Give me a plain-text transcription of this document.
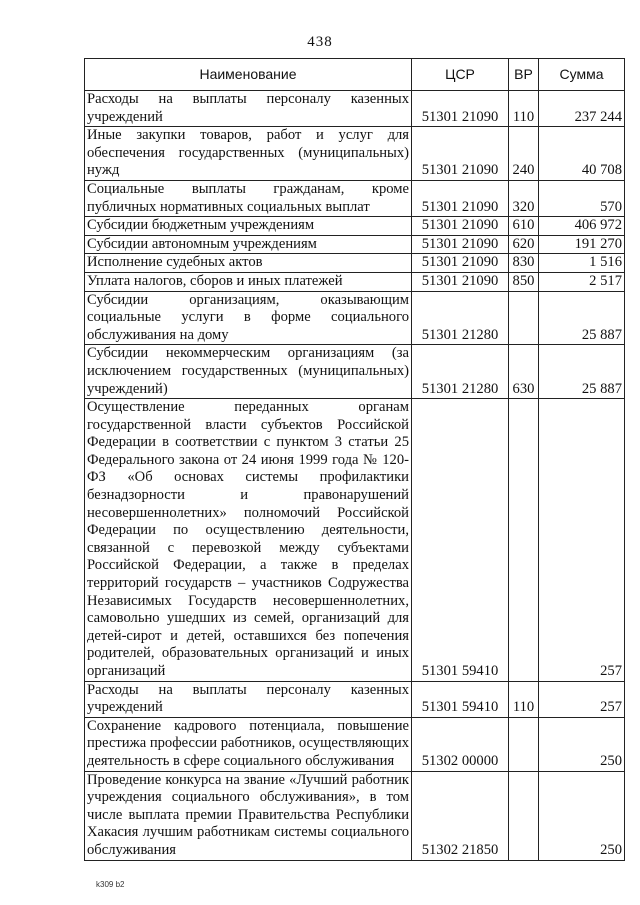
438
Наименование	ЦСР	ВР	Сумма
Расходы на выплаты персоналу казенных учреждений	51301 21090	110	237 244
Иные закупки товаров, работ и услуг для обеспечения государственных (муниципальных) нужд	51301 21090	240	40 708
Социальные выплаты гражданам, кроме публичных нормативных социальных выплат	51301 21090	320	570
Субсидии бюджетным учреждениям	51301 21090	610	406 972
Субсидии автономным учреждениям	51301 21090	620	191 270
Исполнение судебных актов	51301 21090	830	1 516
Уплата налогов, сборов и иных платежей	51301 21090	850	2 517
Субсидии организациям, оказывающим социальные услуги в форме социального обслуживания на дому	51301 21280		25 887
Субсидии некоммерческим организациям (за исключением государственных (муниципальных) учреждений)	51301 21280	630	25 887
Осуществление переданных органам государственной власти субъектов Российской Федерации в соответствии с пунктом 3 статьи 25 Федерального закона от 24 июня 1999 года № 120-ФЗ «Об основах системы профилактики безнадзорности и правонарушений несовершеннолетних» полномочий Российской Федерации по осуществлению деятельности, связанной с перевозкой между субъектами Российской Федерации, а также в пределах территорий государств – участников Содружества Независимых Государств несовершеннолетних, самовольно ушедших из семей, организаций для детей-сирот и детей, оставшихся без попечения родителей, образовательных организаций и иных организаций	51301 59410		257
Расходы на выплаты персоналу казенных учреждений	51301 59410	110	257
Сохранение кадрового потенциала, повышение престижа профессии работников, осуществляющих деятельность в сфере социального обслуживания	51302 00000		250
Проведение конкурса на звание «Лучший работник учреждения социального обслуживания», в том числе выплата премии Правительства Республики Хакасия лучшим работникам системы социального обслуживания	51302 21850		250
k309 b2
